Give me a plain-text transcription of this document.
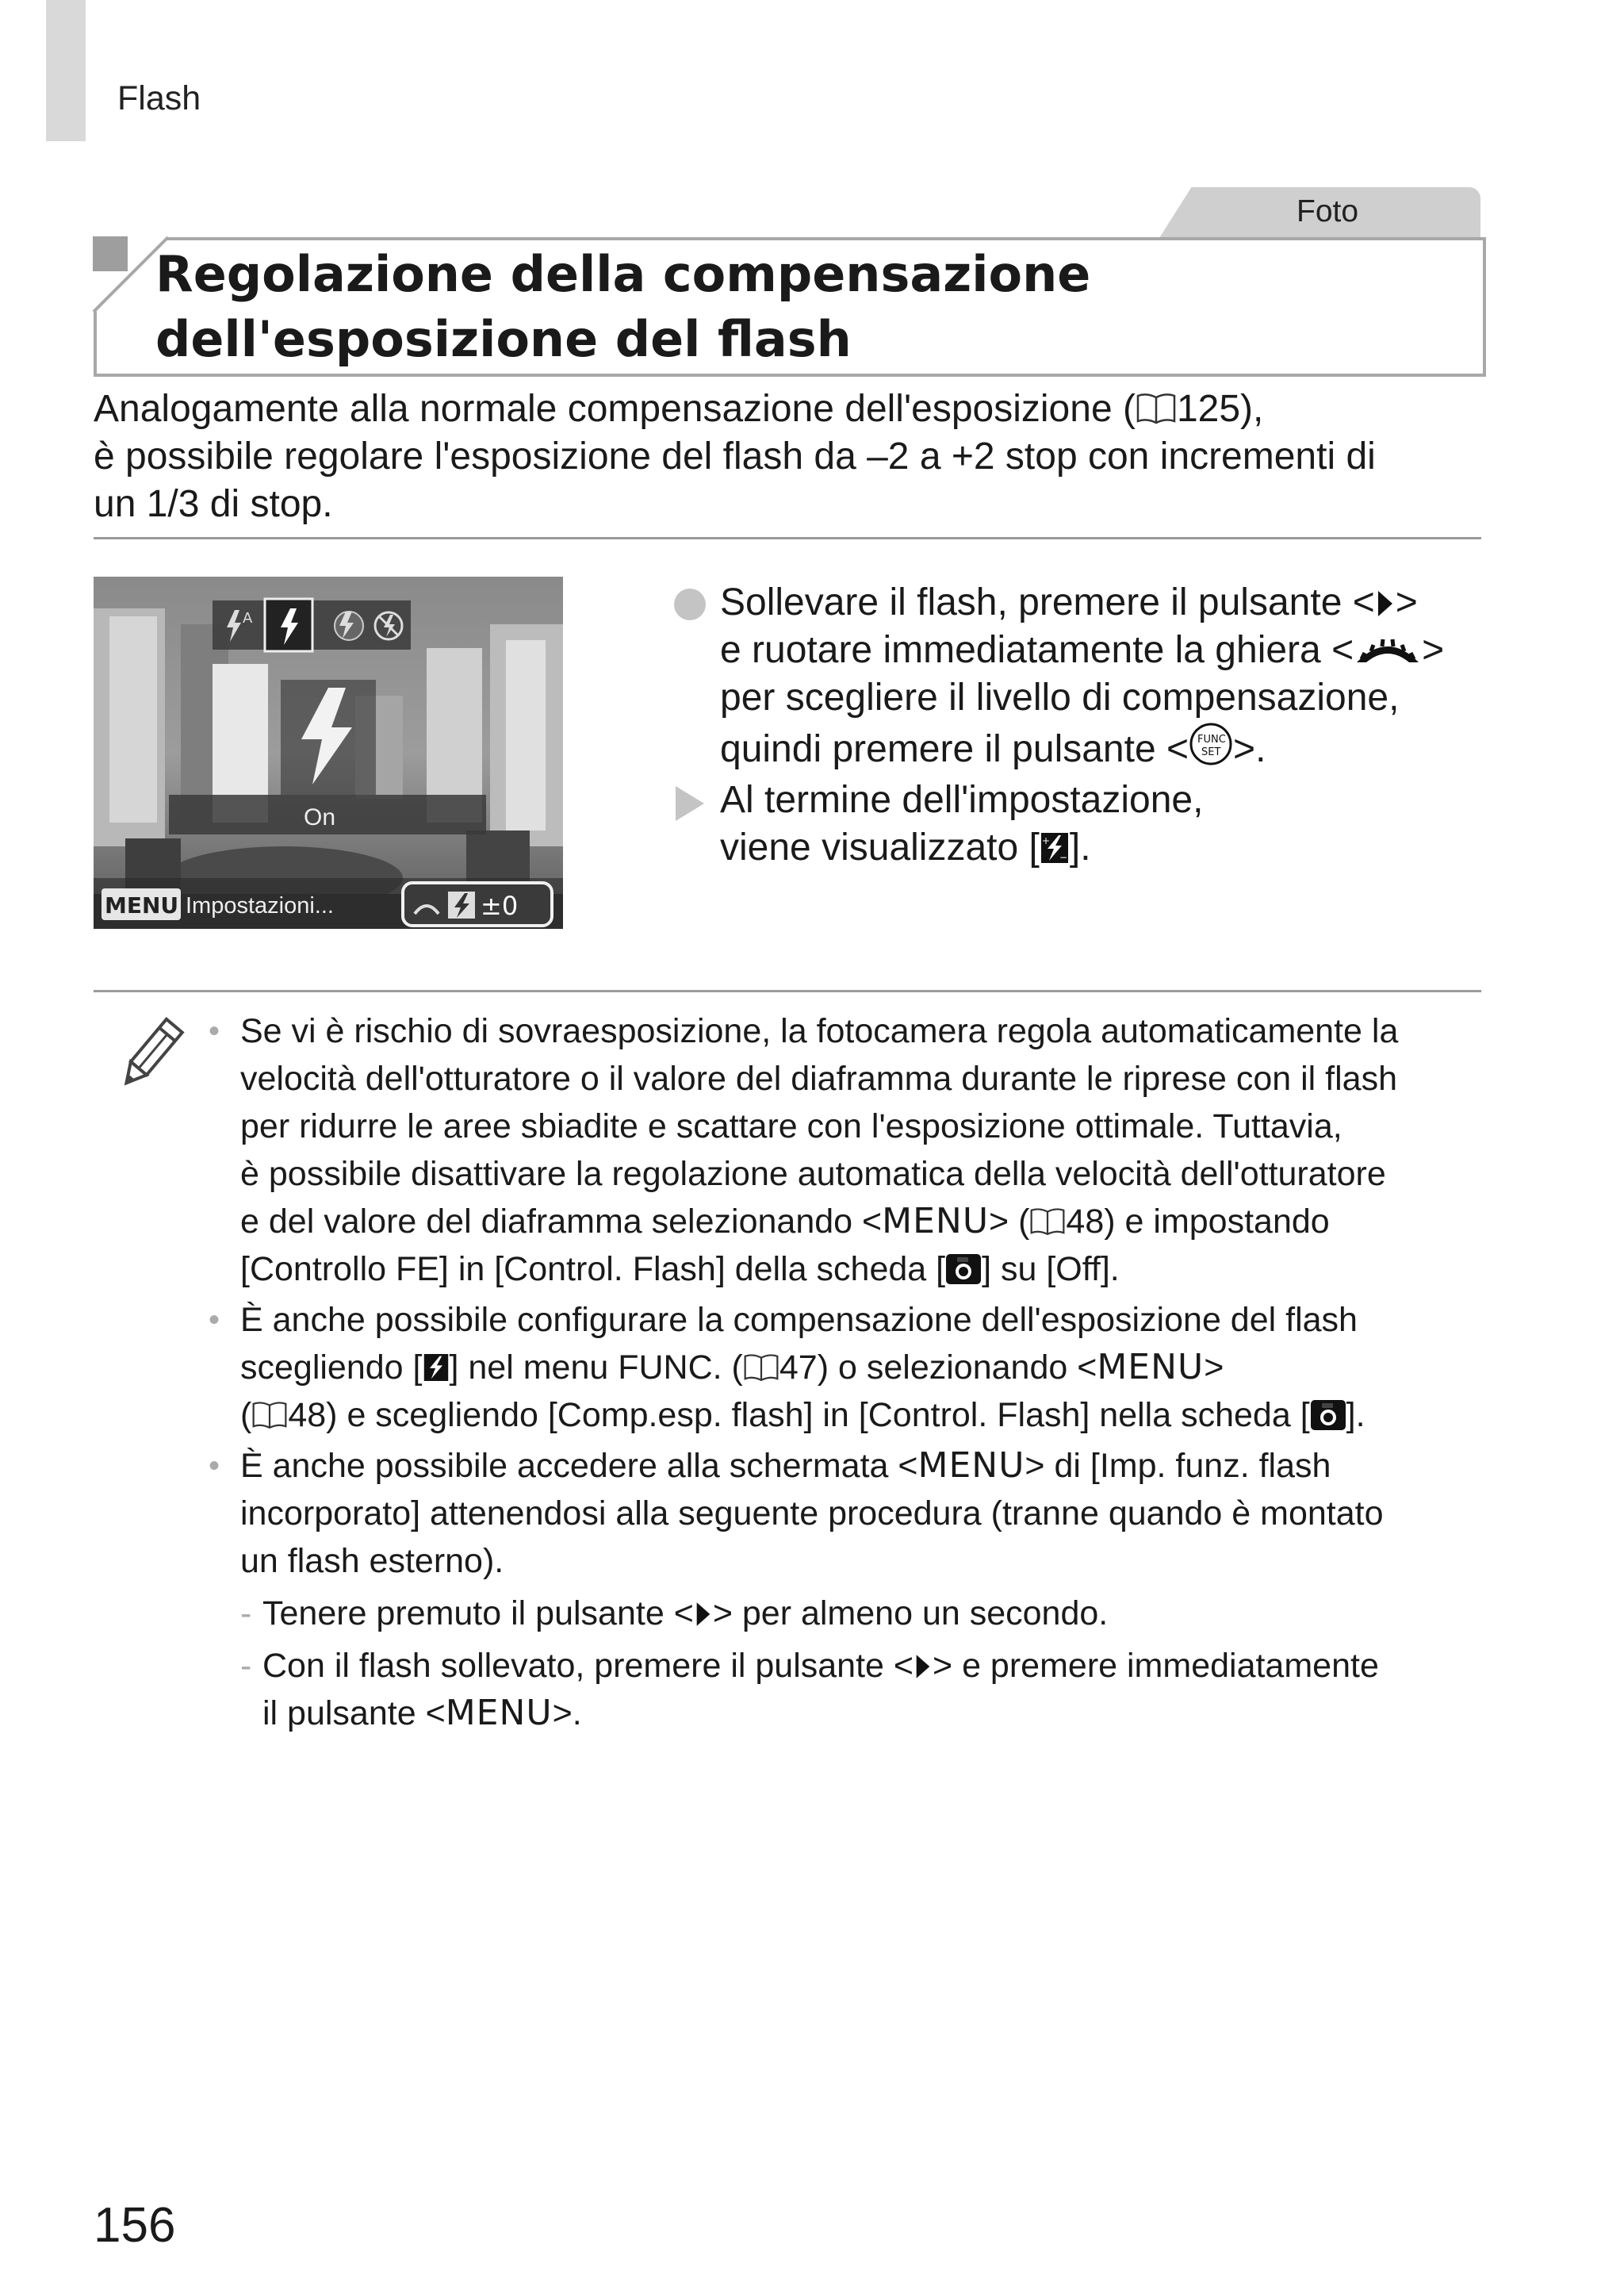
Flash
Foto
Regolazione della compensazione
dell'esposizione del flash
Analogamente alla normale compensazione dell'esposizione ( 125),
è possibile regolare l'esposizione del flash da –2 a +2 stop con incrementi di
un 1/3 di stop.
A
On
MENU Impostazioni...	±0
Sollevare il flash, premere il pulsante < >
e ruotare immediatamente la ghiera < >
per scegliere il livello di compensazione,
quindi premere il pulsante < FUNC
SET >.
Al termine dell'impostazione,
viene visualizzato [ +
− ].
• Se vi è rischio di sovraesposizione, la fotocamera regola automaticamente la
velocità dell'otturatore o il valore del diaframma durante le riprese con il flash
per ridurre le aree sbiadite e scattare con l'esposizione ottimale. Tuttavia,
è possibile disattivare la regolazione automatica della velocità dell'otturatore
e del valore del diaframma selezionando <MENU> ( 48) e impostando
[Controllo FE] in [Control. Flash] della scheda [ ] su [Off].
• È anche possibile configurare la compensazione dell'esposizione del flash
scegliendo [ ] nel menu FUNC. ( 47) o selezionando <MENU>
( 48) e scegliendo [Comp.esp. flash] in [Control. Flash] nella scheda [ ].
• È anche possibile accedere alla schermata <MENU> di [Imp. funz. flash
incorporato] attenendosi alla seguente procedura (tranne quando è montato
un flash esterno).
- Tenere premuto il pulsante < > per almeno un secondo.
- Con il flash sollevato, premere il pulsante < > e premere immediatamente
il pulsante <MENU>.
156
